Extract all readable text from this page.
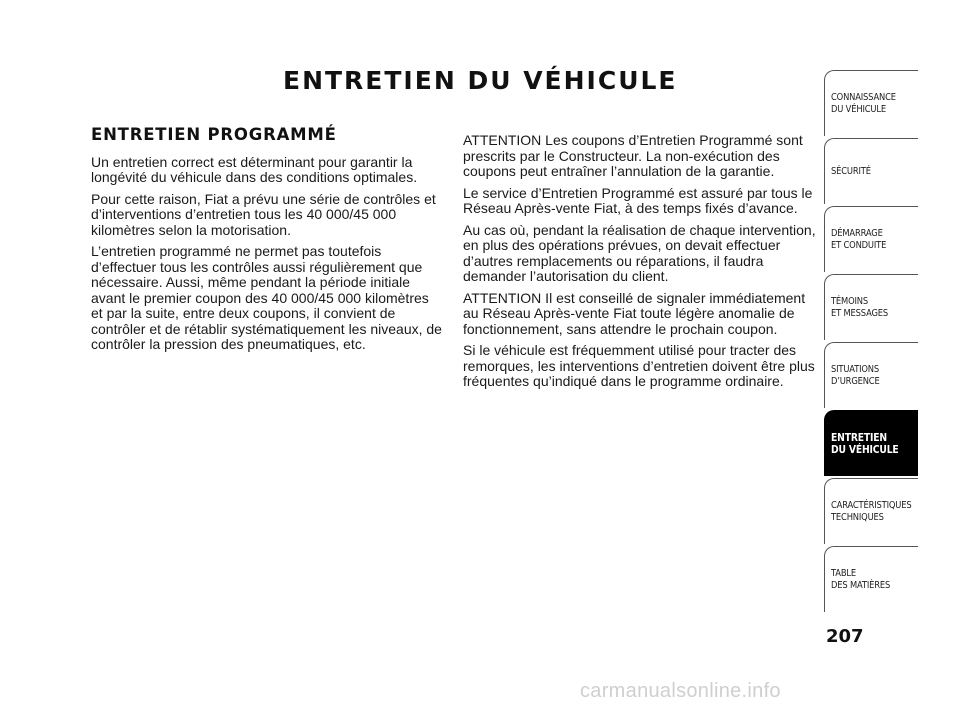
ENTRETIEN DU VÉHICULE
ENTRETIEN PROGRAMMÉ

Un entretien correct est déterminant pour garantir la longévité du véhicule dans des conditions optimales.

Pour cette raison, Fiat a prévu une série de contrôles et d’interventions d’entretien tous les 40 000/45 000 kilomètres selon la motorisation.

L’entretien programmé ne permet pas toutefois d’effectuer tous les contrôles aussi régulièrement que nécessaire. Aussi, même pendant la période initiale avant le premier coupon des 40 000/45 000 kilomètres et par la suite, entre deux coupons, il convient de contrôler et de rétablir systématiquement les niveaux, de contrôler la pression des pneumatiques, etc.

ATTENTION Les coupons d’Entretien Programmé sont prescrits par le Constructeur. La non-exécution des coupons peut entraîner l’annulation de la garantie.

Le service d’Entretien Programmé est assuré par tous le Réseau Après-vente Fiat, à des temps fixés d’avance.

Au cas où, pendant la réalisation de chaque intervention, en plus des opérations prévues, on devait effectuer d’autres remplacements ou réparations, il faudra demander l’autorisation du client.

ATTENTION Il est conseillé de signaler immédiatement au Réseau Après-vente Fiat toute légère anomalie de fonctionnement, sans attendre le prochain coupon.

Si le véhicule est fréquemment utilisé pour tracter des remorques, les interventions d’entretien doivent être plus fréquentes qu’indiqué dans le programme ordinaire.

CONNAISSANCE
DU VÉHICULE
SÉCURITÉ
DÉMARRAGE
ET CONDUITE
TÉMOINS
ET MESSAGES
SITUATIONS
D’URGENCE
ENTRETIEN
DU VÉHICULE
CARACTÉRISTIQUES
TECHNIQUES
TABLE
DES MATIÈRES

207

carmanualsonline.info
